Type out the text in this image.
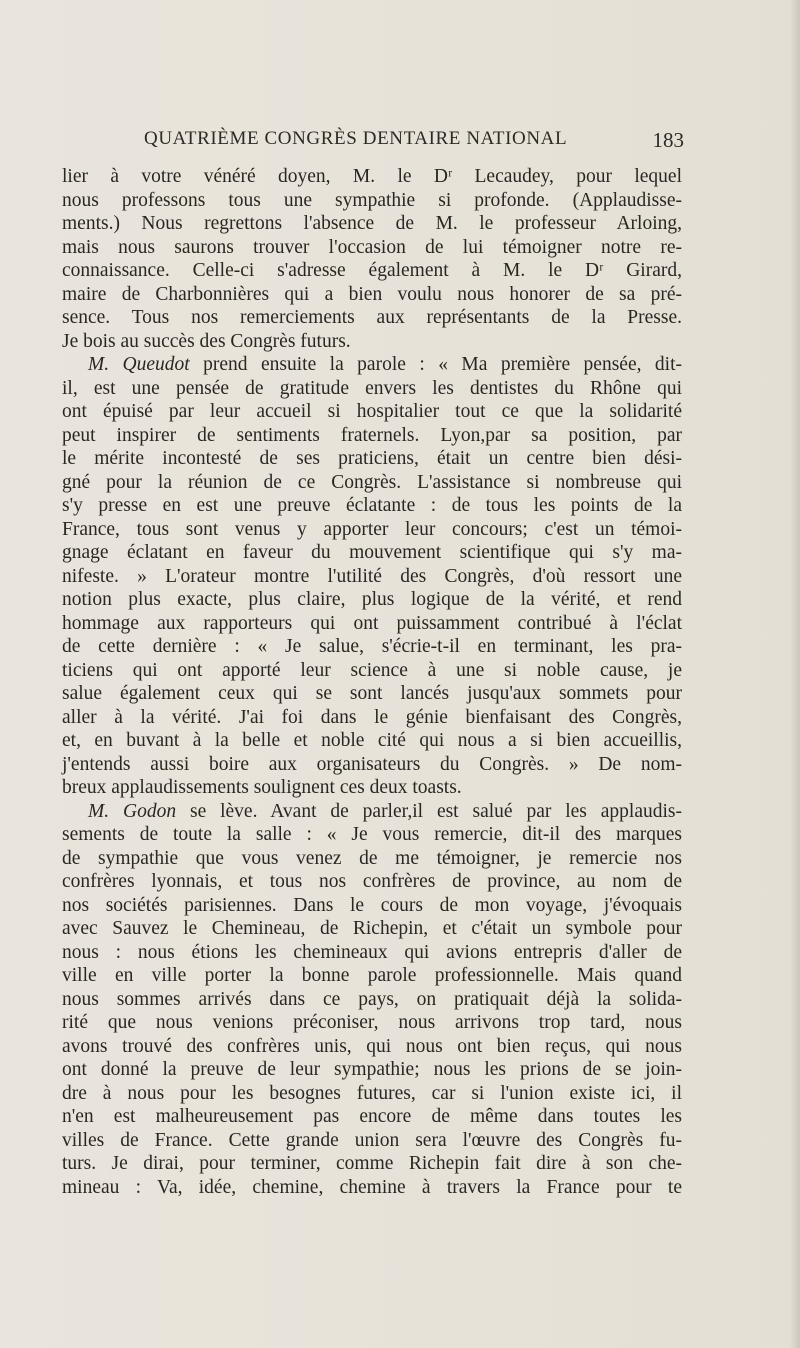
QUATRIÈME CONGRÈS DENTAIRE NATIONAL	183
lier à votre vénéré doyen, M. le Dʳ Lecaudey, pour lequel
nous professons tous une sympathie si profonde. (Applaudisse-
ments.) Nous regrettons l'absence de M. le professeur Arloing,
mais nous saurons trouver l'occasion de lui témoigner notre re-
connaissance. Celle-ci s'adresse également à M. le Dʳ Girard,
maire de Charbonnières qui a bien voulu nous honorer de sa pré-
sence. Tous nos remerciements aux représentants de la Presse.
Je bois au succès des Congrès futurs.
M. Queudot prend ensuite la parole : « Ma première pensée, dit-
il, est une pensée de gratitude envers les dentistes du Rhône qui
ont épuisé par leur accueil si hospitalier tout ce que la solidarité
peut inspirer de sentiments fraternels. Lyon,par sa position, par
le mérite incontesté de ses praticiens, était un centre bien dési-
gné pour la réunion de ce Congrès. L'assistance si nombreuse qui
s'y presse en est une preuve éclatante : de tous les points de la
France, tous sont venus y apporter leur concours; c'est un témoi-
gnage éclatant en faveur du mouvement scientifique qui s'y ma-
nifeste. » L'orateur montre l'utilité des Congrès, d'où ressort une
notion plus exacte, plus claire, plus logique de la vérité, et rend
hommage aux rapporteurs qui ont puissamment contribué à l'éclat
de cette dernière : « Je salue, s'écrie-t-il en terminant, les pra-
ticiens qui ont apporté leur science à une si noble cause, je
salue également ceux qui se sont lancés jusqu'aux sommets pour
aller à la vérité. J'ai foi dans le génie bienfaisant des Congrès,
et, en buvant à la belle et noble cité qui nous a si bien accueillis,
j'entends aussi boire aux organisateurs du Congrès. » De nom-
breux applaudissements soulignent ces deux toasts.
M. Godon se lève. Avant de parler,il est salué par les applaudis-
sements de toute la salle : « Je vous remercie, dit-il des marques
de sympathie que vous venez de me témoigner, je remercie nos
confrères lyonnais, et tous nos confrères de province, au nom de
nos sociétés parisiennes. Dans le cours de mon voyage, j'évoquais
avec Sauvez le Chemineau, de Richepin, et c'était un symbole pour
nous : nous étions les chemineaux qui avions entrepris d'aller de
ville en ville porter la bonne parole professionnelle. Mais quand
nous sommes arrivés dans ce pays, on pratiquait déjà la solida-
rité que nous venions préconiser, nous arrivons trop tard, nous
avons trouvé des confrères unis, qui nous ont bien reçus, qui nous
ont donné la preuve de leur sympathie; nous les prions de se join-
dre à nous pour les besognes futures, car si l'union existe ici, il
n'en est malheureusement pas encore de même dans toutes les
villes de France. Cette grande union sera l'œuvre des Congrès fu-
turs. Je dirai, pour terminer, comme Richepin fait dire à son che-
mineau : Va, idée, chemine, chemine à travers la France pour te
